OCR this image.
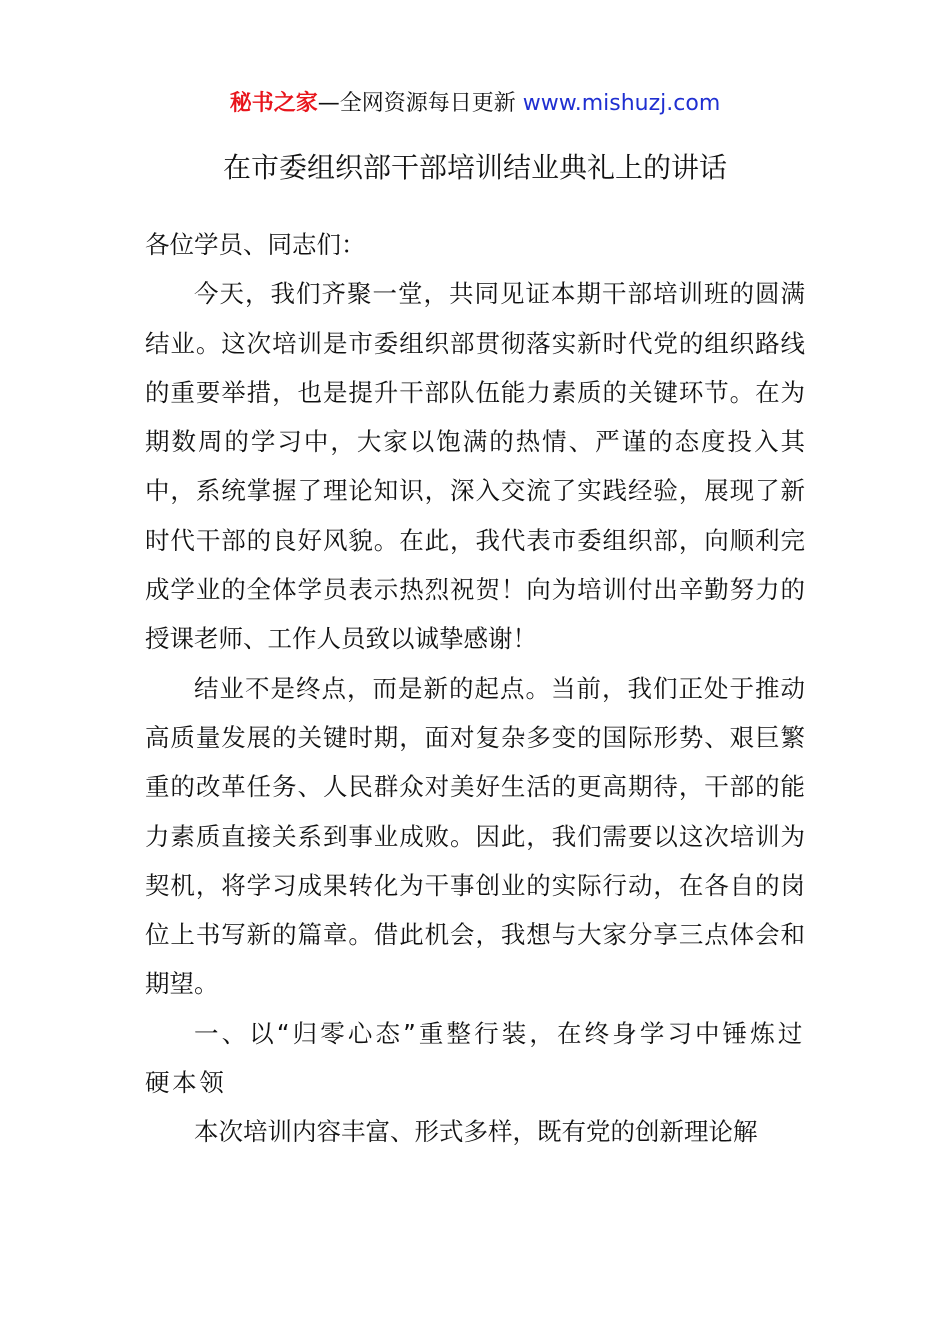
秘书之家—全网资源每日更新 www.mishuzj.com
在市委组织部干部培训结业典礼上的讲话

各位学员、同志们：

今天，我们齐聚一堂，共同见证本期干部培训班的圆满结业。这次培训是市委组织部贯彻落实新时代党的组织路线的重要举措，也是提升干部队伍能力素质的关键环节。在为期数周的学习中，大家以饱满的热情、严谨的态度投入其中，系统掌握了理论知识，深入交流了实践经验，展现了新时代干部的良好风貌。在此，我代表市委组织部，向顺利完成学业的全体学员表示热烈祝贺！向为培训付出辛勤努力的授课老师、工作人员致以诚挚感谢！

结业不是终点，而是新的起点。当前，我们正处于推动高质量发展的关键时期，面对复杂多变的国际形势、艰巨繁重的改革任务、人民群众对美好生活的更高期待，干部的能力素质直接关系到事业成败。因此，我们需要以这次培训为契机，将学习成果转化为干事创业的实际行动，在各自的岗位上书写新的篇章。借此机会，我想与大家分享三点体会和期望。

一、以“归零心态”重整行装，在终身学习中锤炼过硬本领

本次培训内容丰富、形式多样，既有党的创新理论解
